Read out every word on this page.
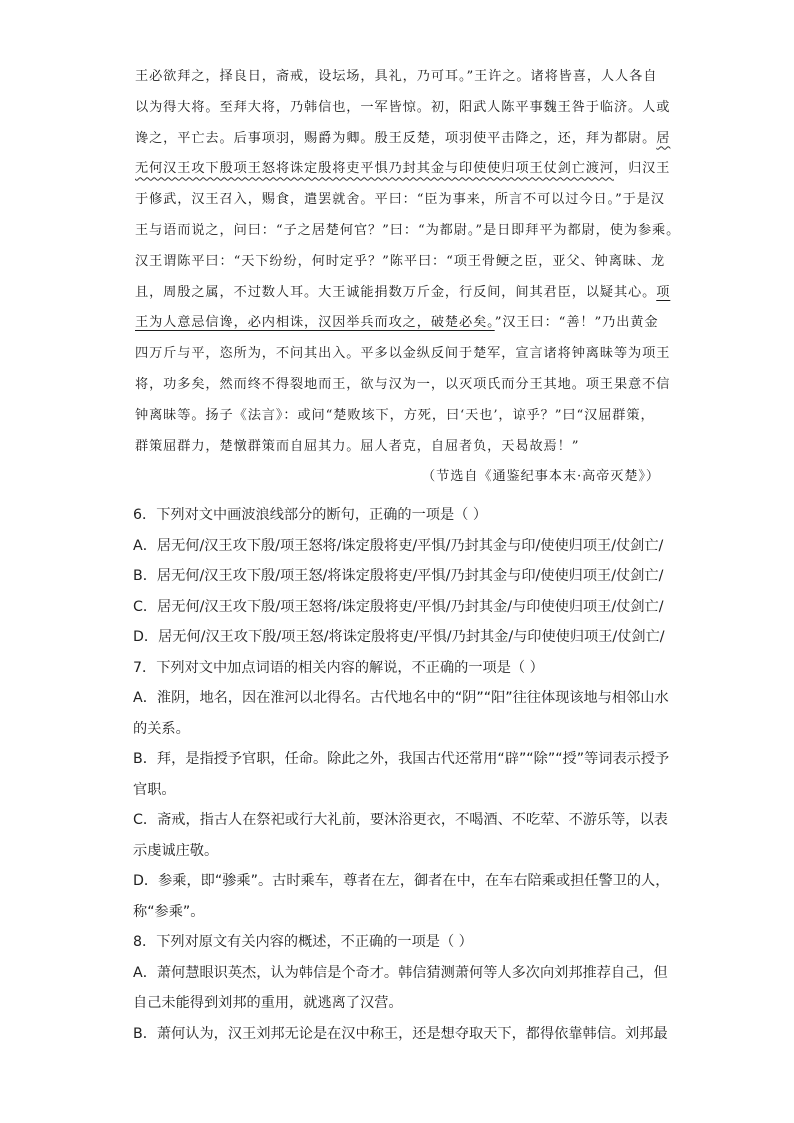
王必欲拜之，择良日，斋戒，设坛场，具礼，乃可耳。”王许之。诸将皆喜，人人各自
以为得大将。至拜大将，乃韩信也，一军皆惊。初，阳武人陈平事魏王咎于临济。人或
谗之，平亡去。后事项羽，赐爵为卿。殷王反楚，项羽使平击降之，还，拜为都尉。居
无何汉王攻下殷项王怒将诛定殷将吏平惧乃封其金与印使使归项王仗剑亡渡河，归汉王
于修武，汉王召入，赐食，遣罢就舍。平曰：“臣为事来，所言不可以过今日。”于是汉
王与语而说之，问曰：“子之居楚何官？”曰：“为都尉。”是日即拜平为都尉，使为参乘。
汉王谓陈平曰：“天下纷纷，何时定乎？”陈平曰：“项王骨鲠之臣，亚父、钟离昧、龙
且，周殷之属，不过数人耳。大王诚能捐数万斤金，行反间，间其君臣，以疑其心。项
王为人意忌信谗，必内相诛，汉因举兵而攻之，破楚必矣。”汉王曰：“善！”乃出黄金
四万斤与平，恣所为，不问其出入。平多以金纵反间于楚军，宣言诸将钟离昧等为项王
将，功多矣，然而终不得裂地而王，欲与汉为一，以灭项氏而分王其地。项王果意不信
钟离昧等。扬子《法言》：或问“楚败垓下，方死，曰‘天也’，谅乎？”曰“汉屈群策，
群策屈群力，楚憞群策而自屈其力。屈人者克，自屈者负，天曷故焉！”
（节选自《通鉴纪事本末·高帝灭楚》）
6．下列对文中画波浪线部分的断句，正确的一项是（ ）
A．居无何/汉王攻下殷/项王怒将/诛定殷将吏/平惧/乃封其金与印/使使归项王/仗剑亡/
B．居无何/汉王攻下殷/项王怒/将诛定殷将吏/平惧/乃封其金与印/使使归项王/仗剑亡/
C．居无何/汉王攻下殷/项王怒将/诛定殷将吏/平惧/乃封其金/与印使使归项王/仗剑亡/
D．居无何/汉王攻下殷/项王怒/将诛定殷将吏/平惧/乃封其金/与印使使归项王/仗剑亡/
7．下列对文中加点词语的相关内容的解说，不正确的一项是（ ）
A．淮阴，地名，因在淮河以北得名。古代地名中的“阴”“阳”往往体现该地与相邻山水
的关系。
B．拜，是指授予官职，任命。除此之外，我国古代还常用“辟”“除”“授”等词表示授予
官职。
C．斋戒，指古人在祭祀或行大礼前，要沐浴更衣，不喝酒、不吃荤、不游乐等，以表
示虔诚庄敬。
D．参乘，即“骖乘”。古时乘车，尊者在左，御者在中，在车右陪乘或担任警卫的人，
称“参乘”。
8．下列对原文有关内容的概述，不正确的一项是（ ）
A．萧何慧眼识英杰，认为韩信是个奇才。韩信猜测萧何等人多次向刘邦推荐自己，但
自己未能得到刘邦的重用，就逃离了汉营。
B．萧何认为，汉王刘邦无论是在汉中称王，还是想夺取天下，都得依靠韩信。刘邦最
